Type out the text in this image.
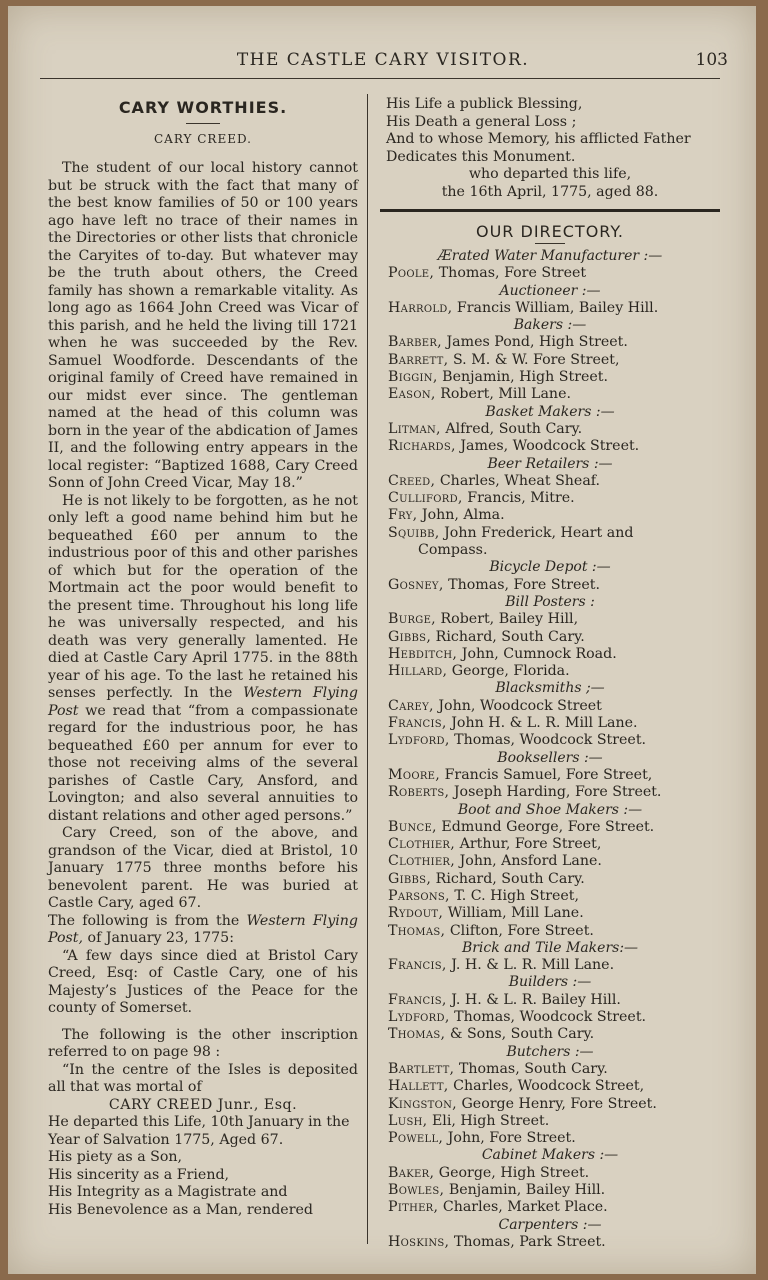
THE CASTLE CARY VISITOR.	103
CARY WORTHIES.
CARY CREED.

The student of our local history cannot but be struck with the fact that many of the best know families of 50 or 100 years ago have left no trace of their names in the Directories or other lists that chronicle the Caryites of to-day. But whatever may be the truth about others, the Creed family has shown a remarkable vitality. As long ago as 1664 John Creed was Vicar of this parish, and he held the living till 1721 when he was succeeded by the Rev. Samuel Woodforde. Descendants of the original family of Creed have remained in our midst ever since. The gentleman named at the head of this column was born in the year of the abdication of James II, and the following entry appears in the local register: “Baptized 1688, Cary Creed Sonn of John Creed Vicar, May 18.”

He is not likely to be forgotten, as he not only left a good name behind him but he bequeathed £60 per annum to the industrious poor of this and other parishes of which but for the operation of the Mortmain act the poor would benefit to the present time. Throughout his long life he was universally respected, and his death was very generally lamented. He died at Castle Cary April 1775. in the 88th year of his age. To the last he retained his senses perfectly. In the Western Flying Post we read that “from a compassionate regard for the industrious poor, he has bequeathed £60 per annum for ever to those not receiving alms of the several parishes of Castle Cary, Ansford, and Lovington; and also several annuities to distant relations and other aged persons.”

Cary Creed, son of the above, and grandson of the Vicar, died at Bristol, 10 January 1775 three months before his benevolent parent. He was buried at Castle Cary, aged 67.

The following is from the Western Flying Post, of January 23, 1775:

“A few days since died at Bristol Cary Creed, Esq: of Castle Cary, one of his Majesty’s Justices of the Peace for the county of Somerset.

The following is the other inscription referred to on page 98 :

“In the centre of the Isles is deposited all that was mortal of

CARY CREED Junr., Esq.
He departed this Life, 10th January in the
Year of Salvation 1775, Aged 67.
His piety as a Son,
His sincerity as a Friend,
His Integrity as a Magistrate and
His Benevolence as a Man, rendered
His Life a publick Blessing,
His Death a general Loss ;
And to whose Memory, his afflicted Father
Dedicates this Monument.
who departed this life,
the 16th April, 1775, aged 88.
OUR DIRECTORY.
Ærated Water Manufacturer :—
Poole, Thomas, Fore Street
Auctioneer :—
Harrold, Francis William, Bailey Hill.
Bakers :—
Barber, James Pond, High Street.
Barrett, S. M. & W. Fore Street,
Biggin, Benjamin, High Street.
Eason, Robert, Mill Lane.
Basket Makers :—
Litman, Alfred, South Cary.
Richards, James, Woodcock Street.
Beer Retailers :—
Creed, Charles, Wheat Sheaf.
Culliford, Francis, Mitre.
Fry, John, Alma.
Squibb, John Frederick, Heart and
Compass.
Bicycle Depot :—
Gosney, Thomas, Fore Street.
Bill Posters :
Burge, Robert, Bailey Hill,
Gibbs, Richard, South Cary.
Hebditch, John, Cumnock Road.
Hillard, George, Florida.
Blacksmiths ;—
Carey, John, Woodcock Street
Francis, John H. & L. R. Mill Lane.
Lydford, Thomas, Woodcock Street.
Booksellers :—
Moore, Francis Samuel, Fore Street,
Roberts, Joseph Harding, Fore Street.
Boot and Shoe Makers :—
Bunce, Edmund George, Fore Street.
Clothier, Arthur, Fore Street,
Clothier, John, Ansford Lane.
Gibbs, Richard, South Cary.
Parsons, T. C. High Street,
Rydout, William, Mill Lane.
Thomas, Clifton, Fore Street.
Brick and Tile Makers:—
Francis, J. H. & L. R. Mill Lane.
Builders :—
Francis, J. H. & L. R. Bailey Hill.
Lydford, Thomas, Woodcock Street.
Thomas, & Sons, South Cary.
Butchers :—
Bartlett, Thomas, South Cary.
Hallett, Charles, Woodcock Street,
Kingston, George Henry, Fore Street.
Lush, Eli, High Street.
Powell, John, Fore Street.
Cabinet Makers :—
Baker, George, High Street.
Bowles, Benjamin, Bailey Hill.
Pither, Charles, Market Place.
Carpenters :—
Hoskins, Thomas, Park Street.
